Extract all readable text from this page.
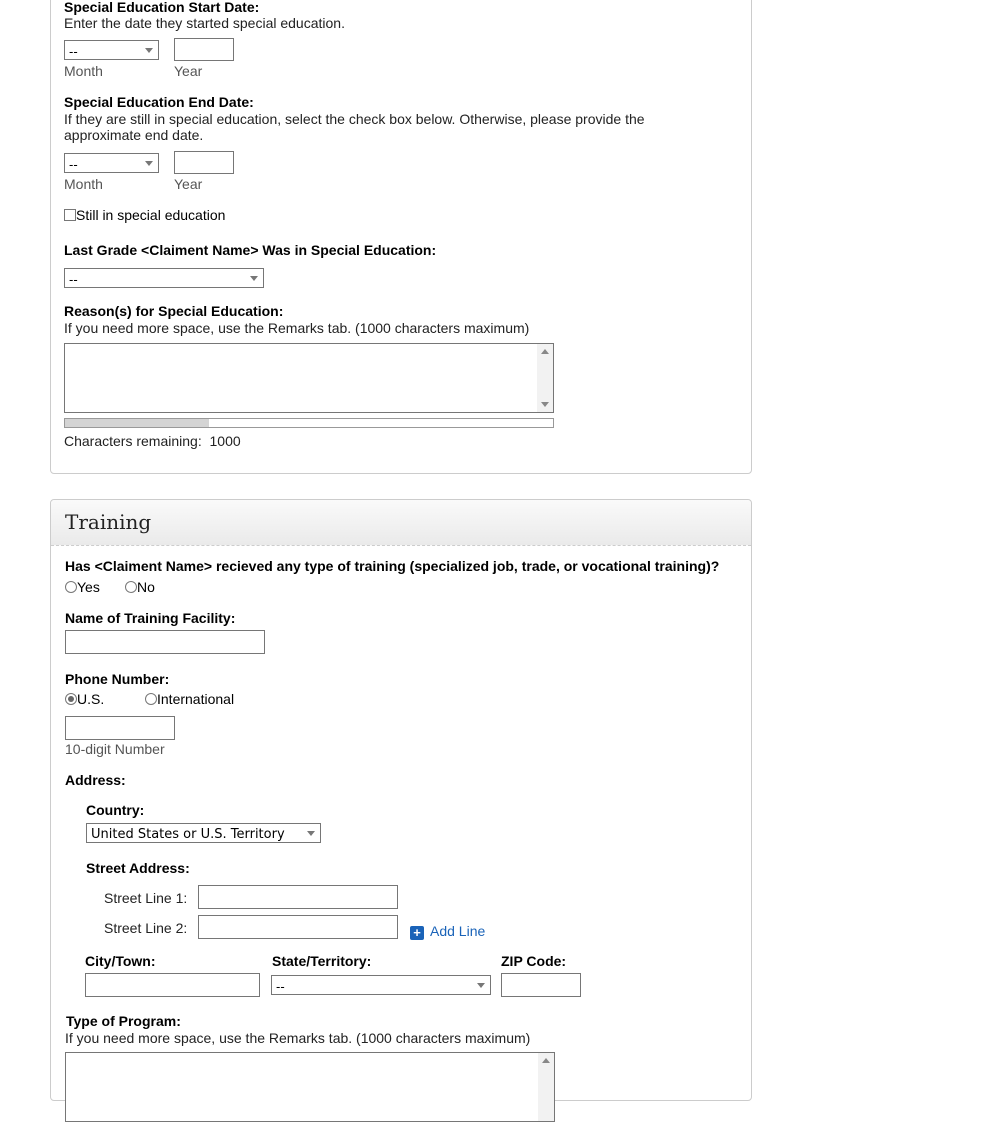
Special Education Start Date:
Enter the date they started special education.
--
Month	Year
Special Education End Date:
If they are still in special education, select the check box below. Otherwise, please provide the
approximate end date.
--
Month	Year
Still in special education
Last Grade <Claiment Name> Was in Special Education:
--
Reason(s) for Special Education:
If you need more space, use the Remarks tab. (1000 characters maximum)
Characters remaining: 1000
Training
Has <Claiment Name> recieved any type of training (specialized job, trade, or vocational training)?
Yes	No
Name of Training Facility:
Phone Number:
U.S.	International
10-digit Number
Address:
Country:
United States or U.S. Territory
Street Address:
Street Line 1:
Street Line 2:	+ Add Line
City/Town:	State/Territory:
--
ZIP Code:
Type of Program:
If you need more space, use the Remarks tab. (1000 characters maximum)
